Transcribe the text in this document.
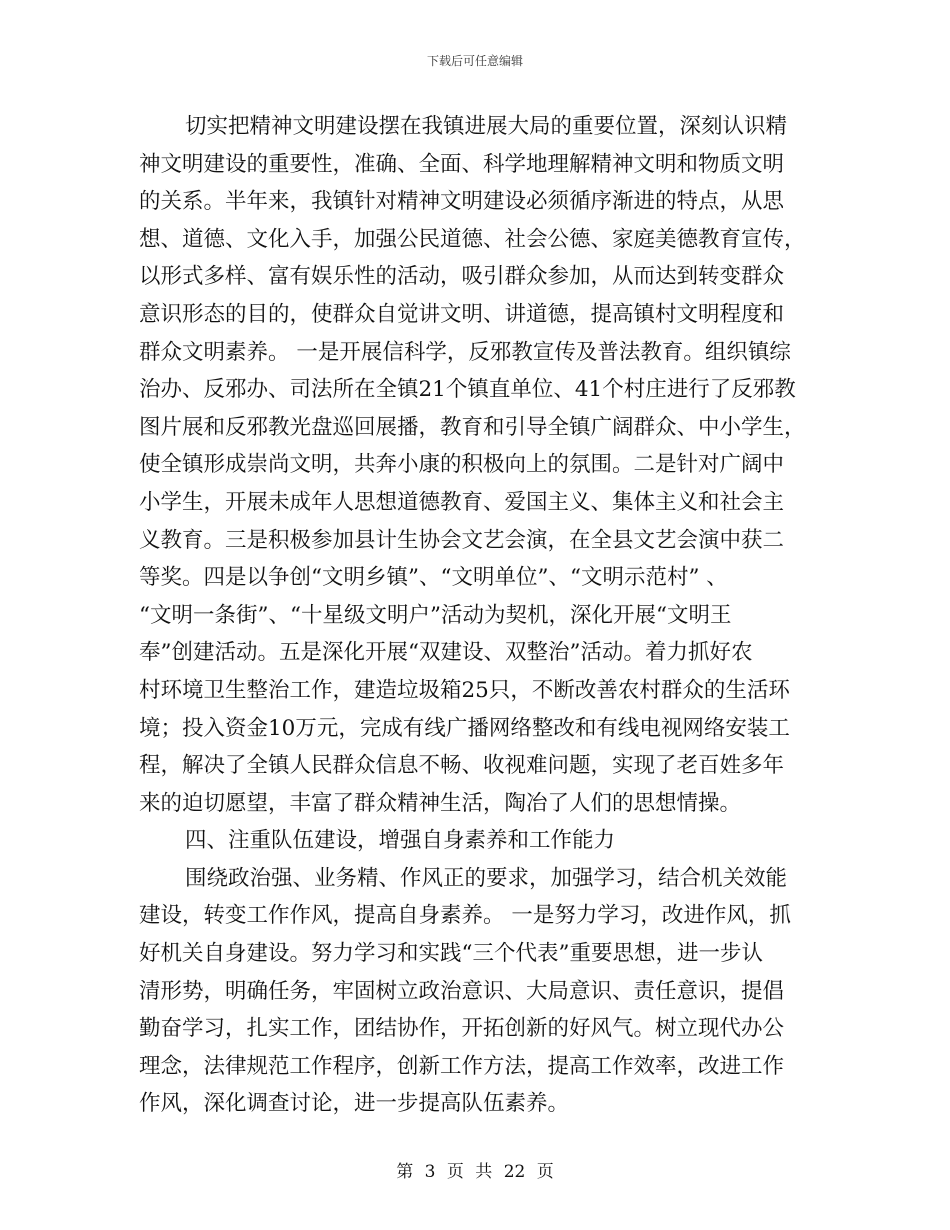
下载后可任意编辑
切实把精神文明建设摆在我镇进展大局的重要位置，深刻认识精
神文明建设的重要性，准确、全面、科学地理解精神文明和物质文明
的关系。半年来，我镇针对精神文明建设必须循序渐进的特点，从思
想、道德、文化入手，加强公民道德、社会公德、家庭美德教育宣传，
以形式多样、富有娱乐性的活动，吸引群众参加，从而达到转变群众
意识形态的目的，使群众自觉讲文明、讲道德，提高镇村文明程度和
群众文明素养。 一是开展信科学，反邪教宣传及普法教育。组织镇综
治办、反邪办、司法所在全镇21个镇直单位、41个村庄进行了反邪教
图片展和反邪教光盘巡回展播，教育和引导全镇广阔群众、中小学生，
使全镇形成崇尚文明，共奔小康的积极向上的氛围。二是针对广阔中
小学生，开展未成年人思想道德教育、爱国主义、集体主义和社会主
义教育。三是积极参加县计生协会文艺会演，在全县文艺会演中获二
等奖。四是以争创“文明乡镇”、“文明单位”、“文明示范村” 、
“文明一条街”、“十星级文明户”活动为契机，深化开展“文明王
奉”创建活动。五是深化开展“双建设、双整治”活动。着力抓好农
村环境卫生整治工作，建造垃圾箱25只，不断改善农村群众的生活环
境；投入资金10万元，完成有线广播网络整改和有线电视网络安装工
程，解决了全镇人民群众信息不畅、收视难问题，实现了老百姓多年
来的迫切愿望，丰富了群众精神生活，陶冶了人们的思想情操。
四、注重队伍建设，增强自身素养和工作能力
围绕政治强、业务精、作风正的要求，加强学习，结合机关效能
建设，转变工作作风，提高自身素养。 一是努力学习，改进作风，抓
好机关自身建设。努力学习和实践“三个代表”重要思想，进一步认
清形势，明确任务，牢固树立政治意识、大局意识、责任意识，提倡
勤奋学习，扎实工作，团结协作，开拓创新的好风气。树立现代办公
理念，法律规范工作程序，创新工作方法，提高工作效率，改进工作
作风，深化调查讨论，进一步提高队伍素养。
第 3 页 共 22 页
